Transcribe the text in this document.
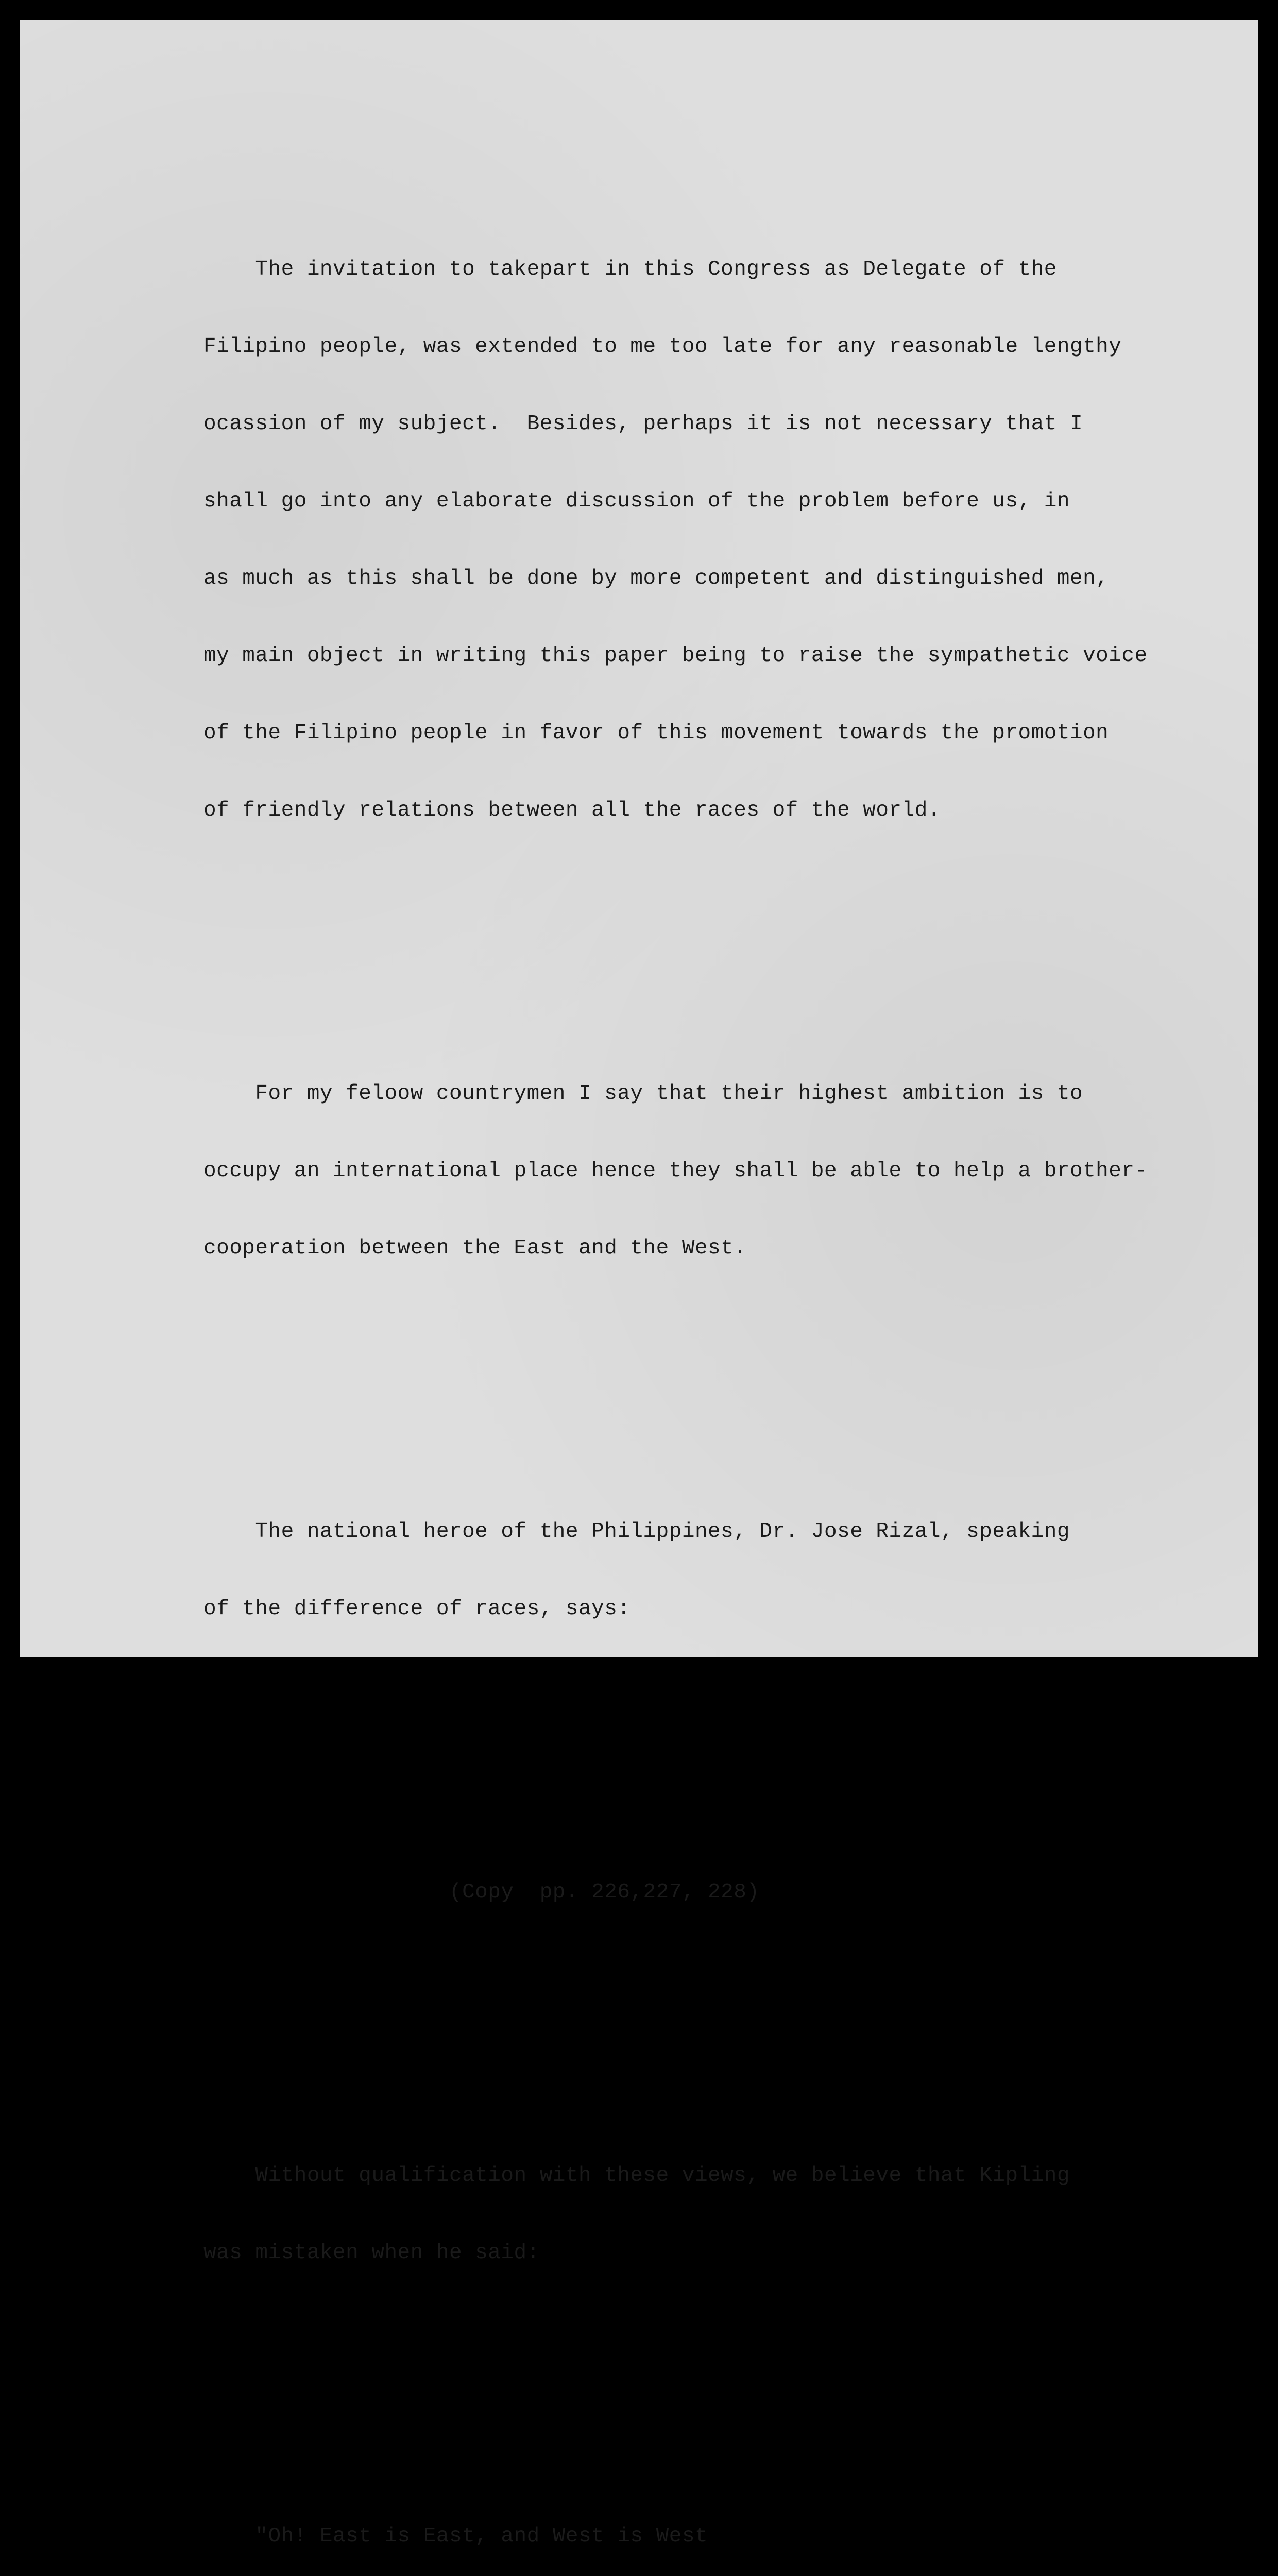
The invitation to takepart in this Congress as Delegate of the

Filipino people, was extended to me too late for any reasonable lengthy

ocassion of my subject.  Besides, perhaps it is not necessary that I

shall go into any elaborate discussion of the problem before us, in

as much as this shall be done by more competent and distinguished men,

my main object in writing this paper being to raise the sympathetic voice

of the Filipino people in favor of this movement towards the promotion

of friendly relations between all the races of the world.

For my feloow countrymen I say that their highest ambition is to

occupy an international place hence they shall be able to help a brother-

cooperation between the East and the West.

The national heroe of the Philippines, Dr. Jose Rizal, speaking

of the difference of races, says:

(Copy  pp. 226,227, 228)

Without qualification with these views, we believe that Kipling

was mistaken when he said:

"Oh! East is East, and West is West
